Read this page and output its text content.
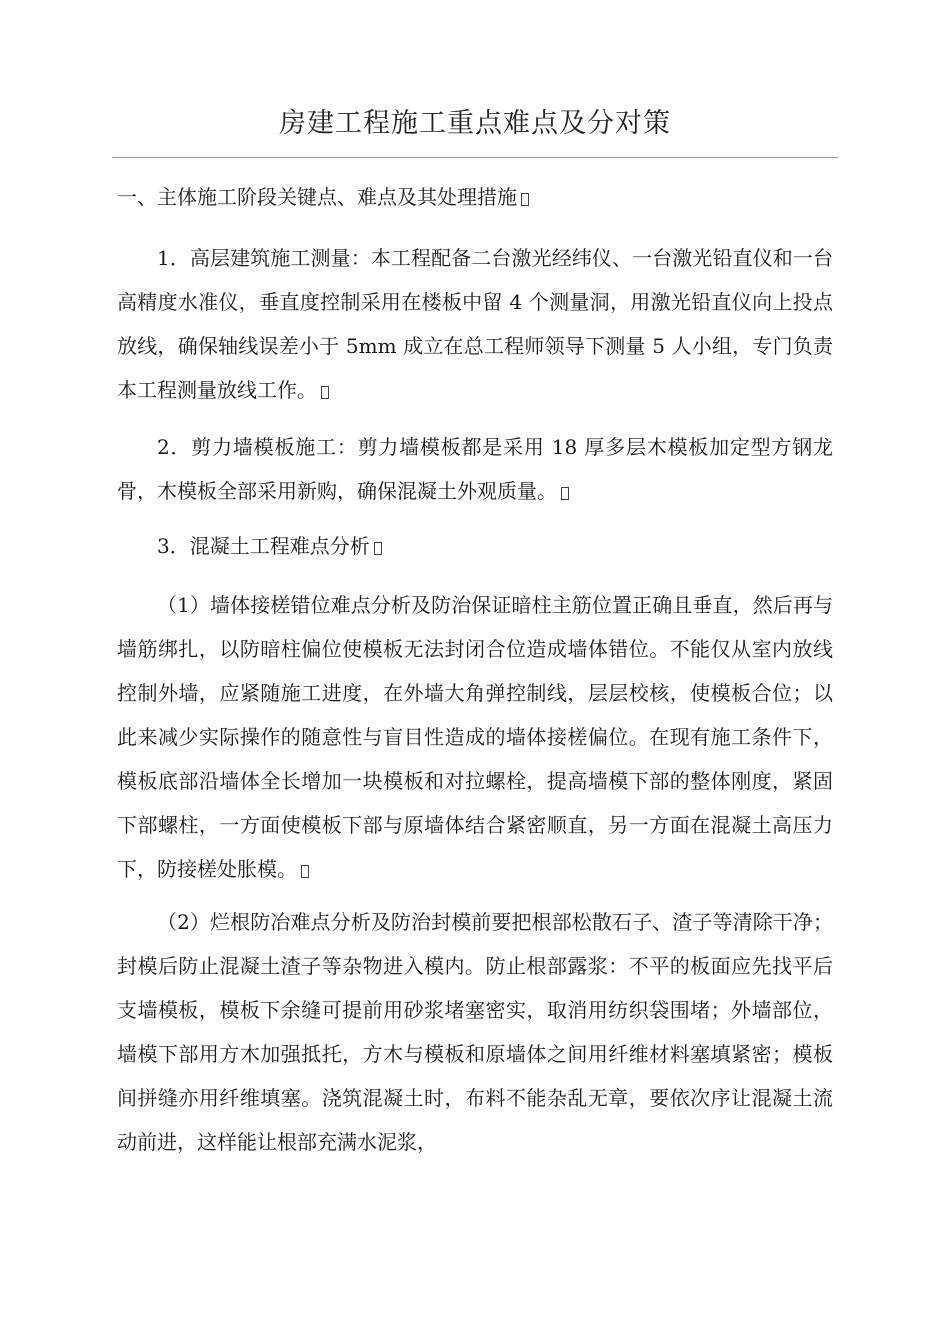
房建工程施工重点难点及分对策

一、主体施工阶段关键点、难点及其处理措施

1．高层建筑施工测量：本工程配备二台激光经纬仪、一台激光铅直仪和一台高精度水准仪，垂直度控制采用在楼板中留 4 个测量洞，用激光铅直仪向上投点放线，确保轴线误差小于 5mm 成立在总工程师领导下测量 5 人小组，专门负责本工程测量放线工作。

2．剪力墙模板施工：剪力墙模板都是采用 18 厚多层木模板加定型方钢龙骨，木模板全部采用新购，确保混凝土外观质量。

3．混凝土工程难点分析

（1）墙体接槎错位难点分析及防治保证暗柱主筋位置正确且垂直，然后再与墙筋绑扎，以防暗柱偏位使模板无法封闭合位造成墙体错位。不能仅从室内放线控制外墙，应紧随施工进度，在外墙大角弹控制线，层层校核，使模板合位；以此来减少实际操作的随意性与盲目性造成的墙体接槎偏位。在现有施工条件下，模板底部沿墙体全长增加一块模板和对拉螺栓，提高墙模下部的整体刚度，紧固下部螺柱，一方面使模板下部与原墙体结合紧密顺直，另一方面在混凝土高压力下，防接槎处胀模。

（2）烂根防冶难点分析及防治封模前要把根部松散石子、渣子等清除干净；封模后防止混凝土渣子等杂物进入模内。防止根部露浆：不平的板面应先找平后支墙模板，模板下余缝可提前用砂浆堵塞密实，取消用纺织袋围堵；外墙部位，墙模下部用方木加强抵托，方木与模板和原墙体之间用纤维材料塞填紧密；模板间拼缝亦用纤维填塞。浇筑混凝土时，布料不能杂乱无章，要依次序让混凝土流动前进，这样能让根部充满水泥浆，
